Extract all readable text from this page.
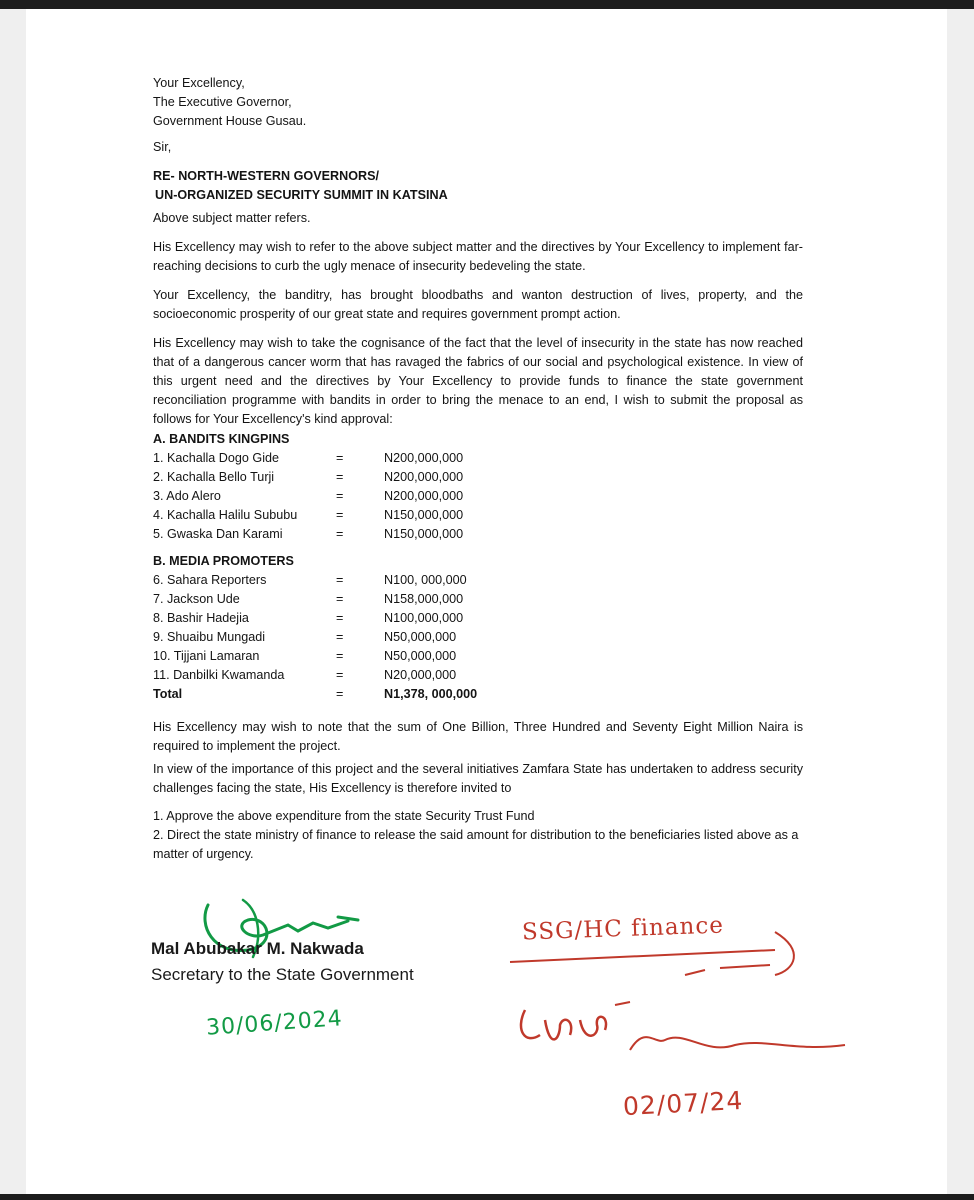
Your Excellency,
The Executive Governor,
Government House Gusau.
Sir,
RE- NORTH-WESTERN GOVERNORS/
UN-ORGANIZED SECURITY SUMMIT IN KATSINA

Above subject matter refers.

His Excellency may wish to refer to the above subject matter and the directives by Your Excellency to implement far-reaching decisions to curb the ugly menace of insecurity bedeveling the state.

Your Excellency, the banditry, has brought bloodbaths and wanton destruction of lives, property, and the socioeconomic prosperity of our great state and requires government prompt action.

His Excellency may wish to take the cognisance of the fact that the level of insecurity in the state has now reached that of a dangerous cancer worm that has ravaged the fabrics of our social and psychological existence. In view of this urgent need and the directives by Your Excellency to provide funds to finance the state government reconciliation programme with bandits in order to bring the menace to an end, I wish to submit the proposal as follows for Your Excellency's kind approval:

A. BANDITS KINGPINS
1. Kachalla Dogo Gide	=	N200,000,000
2. Kachalla Bello Turji	=	N200,000,000
3. Ado Alero	=	N200,000,000
4. Kachalla Halilu Sububu	=	N150,000,000
5. Gwaska Dan Karami	=	N150,000,000
B. MEDIA PROMOTERS
6. Sahara Reporters	=	N100, 000,000
7. Jackson Ude	=	N158,000,000
8. Bashir Hadejia	=	N100,000,000
9. Shuaibu Mungadi	=	N50,000,000
10. Tijjani Lamaran	=	N50,000,000
11. Danbilki Kwamanda	=	N20,000,000
Total	=	N1,378, 000,000

His Excellency may wish to note that the sum of One Billion, Three Hundred and Seventy Eight Million Naira is required to implement the project.

In view of the importance of this project and the several initiatives Zamfara State has undertaken to address security challenges facing the state, His Excellency is therefore invited to

1. Approve the above expenditure from the state Security Trust Fund
2. Direct the state ministry of finance to release the said amount for distribution to the beneficiaries listed above as a matter of urgency.
Mal Abubakar M. Nakwada
Secretary to the State Government
30/06/2024
SSG/HC finance
02/07/24
